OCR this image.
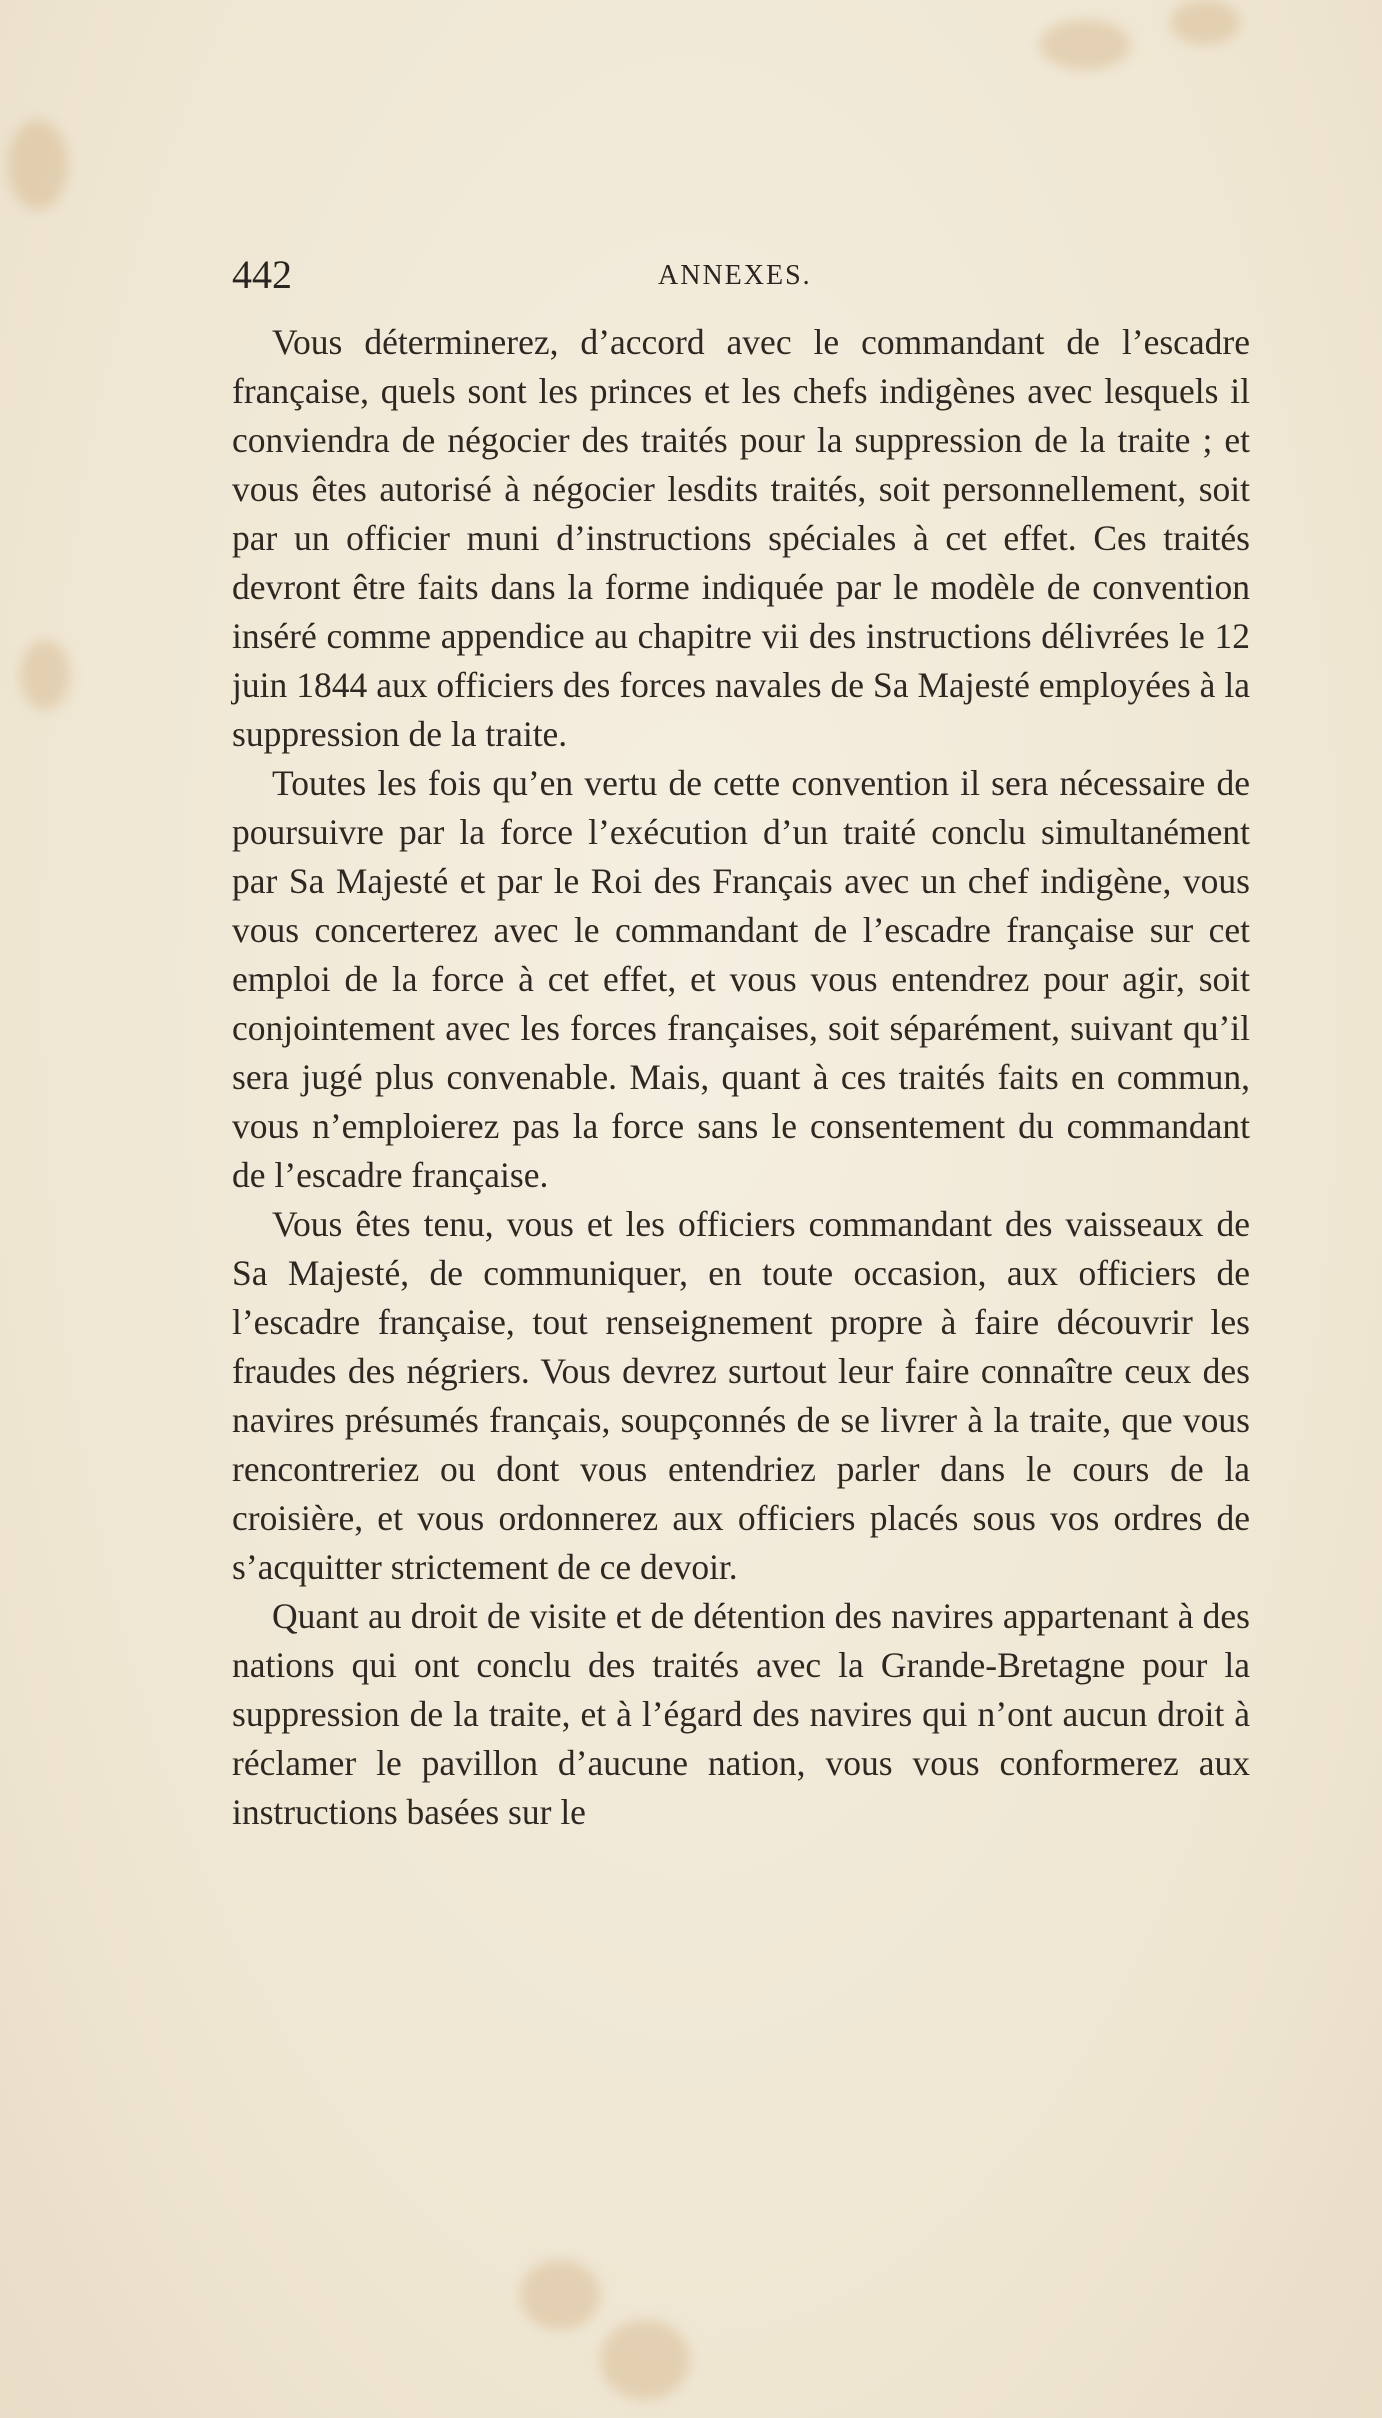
442	ANNEXES.

Vous déterminerez, d’accord avec le commandant de l’escadre française, quels sont les princes et les chefs indigènes avec lesquels il conviendra de négocier des traités pour la suppression de la traite ; et vous êtes autorisé à négocier lesdits traités, soit personnellement, soit par un officier muni d’instructions spéciales à cet effet. Ces traités devront être faits dans la forme indiquée par le modèle de convention inséré comme appendice au chapitre vii des instructions délivrées le 12 juin 1844 aux officiers des forces navales de Sa Majesté employées à la suppression de la traite.

Toutes les fois qu’en vertu de cette convention il sera nécessaire de poursuivre par la force l’exécution d’un traité conclu simultanément par Sa Majesté et par le Roi des Français avec un chef indigène, vous vous concerterez avec le commandant de l’escadre française sur cet emploi de la force à cet effet, et vous vous entendrez pour agir, soit conjointement avec les forces françaises, soit séparément, suivant qu’il sera jugé plus convenable. Mais, quant à ces traités faits en commun, vous n’emploierez pas la force sans le consentement du commandant de l’escadre française.

Vous êtes tenu, vous et les officiers commandant des vaisseaux de Sa Majesté, de communiquer, en toute occasion, aux officiers de l’escadre française, tout renseignement propre à faire découvrir les fraudes des négriers. Vous devrez surtout leur faire connaître ceux des navires présumés français, soupçonnés de se livrer à la traite, que vous rencontreriez ou dont vous entendriez parler dans le cours de la croisière, et vous ordonnerez aux officiers placés sous vos ordres de s’acquitter strictement de ce devoir.

Quant au droit de visite et de détention des navires appartenant à des nations qui ont conclu des traités avec la Grande-Bretagne pour la suppression de la traite, et à l’égard des navires qui n’ont aucun droit à réclamer le pavillon d’aucune nation, vous vous conformerez aux instructions basées sur le
